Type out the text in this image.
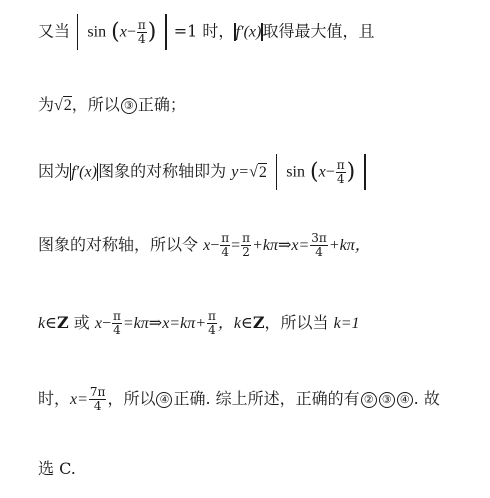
又当 $\sin (x- \frac{\pi}{4}$ ) =1 时，f′(x)取得最大值，且
为√2，所以 ③ 正确；
因为f′(x)图象的对称轴即为 y=√2 $\sin (x- \frac{\pi}{4}$ )
图象的对称轴，所以令 $x- \frac{\pi}{4} = \frac{\pi}{2}$ +kπ⇒x= $\frac{3\pi}{4} +k\pi$，
k∈Z 或 $x- \frac{\pi}{4}$ =kπ⇒x=kπ+ $\frac{\pi}{4}$ ，k∈Z，所以当 k=1
时，$x= \frac{7\pi}{4}$ ，所以 ④ 正确. 综上所述，正确的有 ② ③ ④ . 故
选 C.
